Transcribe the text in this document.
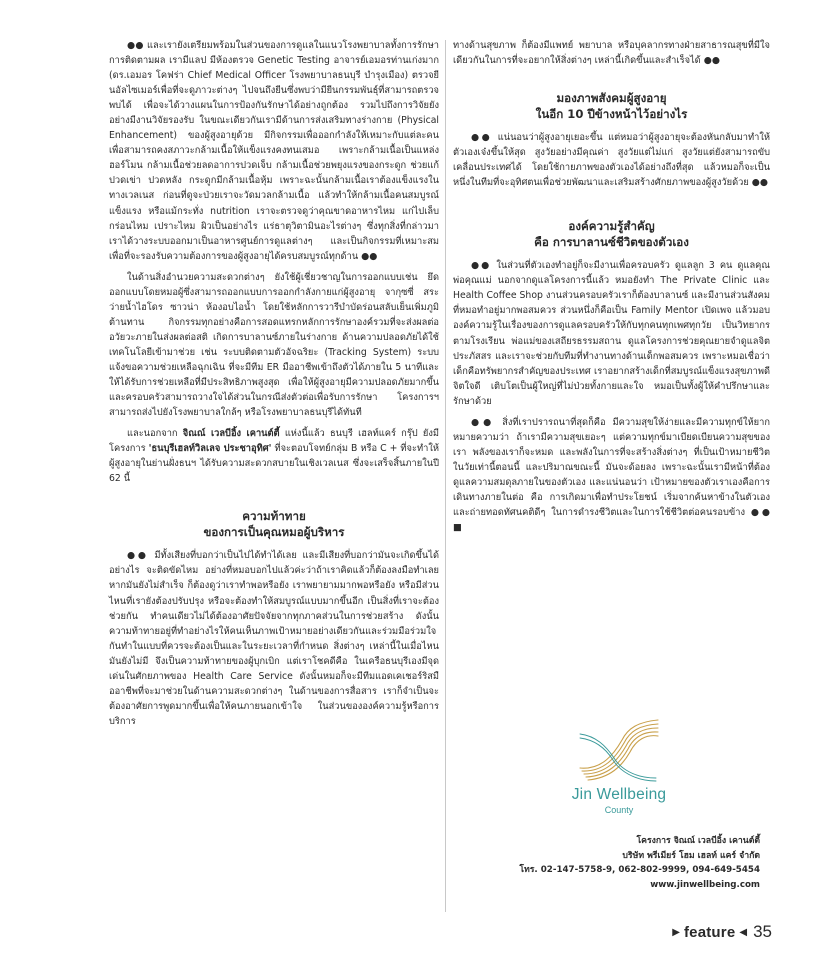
●● และเรายังเตรียมพร้อมในส่วนของการดูแลในแนวโรงพยาบาลทั้งการรักษา การติดตามผล เรามีแลป มีห้องตรวจ Genetic Testing อาจารย์เอมอรท่านเก่งมาก (ดร.เอมอร โคฟร่า Chief Medical Officer โรงพยาบาลธนบุรี บำรุงเมือง) ตรวจยีนอัลไซเมอร์เพื่อที่จะดูภาวะต่างๆ ไปจนถึงยีนซึ่งพบว่ามียีนกรรมพันธุ์ที่สามารถตรวจพบได้ เพื่อจะได้วางแผนในการป้องกันรักษาได้อย่างถูกต้อง รวมไปถึงการวิจัยยังอย่างมีงานวิจัยรองรับ ในขณะเดียวกันเรามีด้านการส่งเสริมทางร่างกาย (Physical Enhancement) ของผู้สูงอายุด้วย มีกิจกรรมเพื่อออกกำลังให้เหมาะกับแต่ละคน เพื่อสามารถคงสภาวะกล้ามเนื้อให้แข็งแรงคงทนเสมอ เพราะกล้ามเนื้อเป็นแหล่งฮอร์โมน กล้ามเนื้อช่วยลดอาการปวดเจ็บ กล้ามเนื้อช่วยพยุงแรงของกระดูก ช่วยแก้ปวดเข่า ปวดหลัง กระดูกมีกล้ามเนื้อหุ้ม เพราะฉะนั้นกล้ามเนื้อเราต้องแข็งแรงในทางเวลเนส ก่อนที่ดูจะป่วยเราจะวัดมวลกล้ามเนื้อ แล้วทำให้กล้ามเนื้อคนสมบูรณ์แข็งแรง หรือแม้กระทั่ง nutrition เราจะตรวจดูว่าคุณขาดอาหารไหม แก่ไปเล็บกร่อนไหม เปราะไหม ผิวเป็นอย่างไร แร่ธาตุวิตามินอะไรต่างๆ ซึ่งทุกสิ่งที่กล่าวมา เราได้วางระบบออกมาเป็นอาหารศูนย์การดูแลต่างๆ และเป็นกิจกรรมที่เหมาะสม เพื่อที่จะรองรับความต้องการของผู้สูงอายุได้ครบสมบูรณ์ทุกด้าน ●●

ในด้านสิ่งอำนวยความสะดวกต่างๆ ยังใช้ผู้เชี่ยวชาญในการออกแบบเช่น ยึดออกแบบโดยหมอผู้ซึ่งสามารถออกแบบการออกกำลังกายแก่ผู้สูงอายุ จากุซซี่ สระว่ายน้ำไฮโดร ซาวน่า ห้องอบไอน้ำ โดยใช้หลักการวารีบำบัดร่อนสลับเย็นเพิ่มภูมิต้านทาน กิจกรรมทุกอย่างคือการสอดแทรกหลักการรักษาองค์รวมที่จะส่งผลต่ออวัยวะภายในส่งผลต่อสติ เกิดการบาลานซ์ภายในร่างกาย ด้านความปลอดภัยได้ใช้เทคโนโลยีเข้ามาช่วย เช่น ระบบติดตามตัวอัจฉริยะ (Tracking System) ระบบแจ้งขอความช่วยเหลือฉุกเฉิน ที่จะมีทีม ER มืออาชีพเข้าถึงตัวได้ภายใน 5 นาทีและให้ได้รับการช่วยเหลือที่มีประสิทธิภาพสูงสุด เพื่อให้ผู้สูงอายุมีความปลอดภัยมากขึ้น และครอบครัวสามารถวางใจได้ส่วนในกรณีส่งตัวต่อเพื่อรับการรักษา โครงการฯ สามารถส่งไปยังโรงพยาบาลใกล้ๆ หรือโรงพยาบาลธนบุรีได้ทันที

และนอกจาก จิณณ์ เวลบีอิ้ง เคานต์ตี้ แห่งนี้แล้ว ธนบุรี เฮลท์แคร์ กรุ๊ป ยังมีโครงการ 'ธนบุรีเฮลท์วิลเลจ ประชาอุทิศ' ที่จะตอบโจทย์กลุ่ม B หรือ C + ที่จะทำให้ผู้สูงอายุในย่านฝั่งธนฯ ได้รับความสะดวกสบายในเชิงเวลเนส ซึ่งจะเสร็จสิ้นภายในปี 62 นี้

ความท้าทาย
ของการเป็นคุณหมอผู้บริหาร

●● มีทั้งเสียงที่บอกว่าเป็นไปได้ทำได้เลย และมีเสียงที่บอกว่ามันจะเกิดขึ้นได้อย่างไร จะติดขัดไหม อย่างที่หมอบอกไปแล้วค่ะว่าถ้าเราคิดแล้วก็ต้องลงมือทำเลย หากมันยังไม่สำเร็จ ก็ต้องดูว่าเราทำพอหรือยัง เราพยายามมากพอหรือยัง หรือมีส่วนไหนที่เรายังต้องปรับปรุง หรือจะต้องทำให้สมบูรณ์แบบมากขึ้นอีก เป็นสิ่งที่เราจะต้องช่วยกัน ทำคนเดียวไม่ได้ต้องอาศัยปัจจัยจากทุกภาคส่วนในการช่วยสร้าง ดังนั้นความท้าทายอยู่ที่ทำอย่างไรให้คนเห็นภาพเป้าหมายอย่างเดียวกันและร่วมมือร่วมใจกันทำในแบบที่ควรจะต้องเป็นและในระยะเวลาที่กำหนด สิ่งต่างๆ เหล่านี้ในเมื่อไหนมันยังไม่มี จึงเป็นความท้าทายของผู้บุกเบิก แต่เราโชคดีคือ ในเครือธนบุรีเองมีจุดเด่นในศักยภาพของ Health Care Service ดังนั้นหมอก็จะมีทีมแอดเคเชอร์ริสมืออาชีพที่จะมาช่วยในด้านความสะดวกต่างๆ ในด้านของการสื่อสาร เราก็จำเป็นจะต้องอาศัยการพูดมากขึ้นเพื่อให้คนภายนอกเข้าใจ ในส่วนขององค์ความรู้หรือการบริการ

ทางด้านสุขภาพ ก็ต้องมีแพทย์ พยาบาล หรือบุคลากรทางฝ่ายสาธารณสุขที่มีใจเดียวกันในการที่จะอยากให้สิ่งต่างๆ เหล่านี้เกิดขึ้นและสำเร็จได้ ●●

มองภาพสังคมผู้สูงอายุ
ในอีก 10 ปีข้างหน้าไว้อย่างไร

●● แน่นอนว่าผู้สูงอายุเยอะขึ้น แต่หมอว่าผู้สูงอายุจะต้องหันกลับมาทำให้ตัวเองเจ๋งขึ้นให้สุด สูงวัยอย่างมีคุณค่า สูงวัยแต่ไม่แก่ สูงวัยแต่ยังสามารถขับเคลื่อนประเทศได้ โดยใช้กายภาพของตัวเองได้อย่างถึงที่สุด แล้วหมอก็จะเป็นหนึ่งในทีมที่จะอุทิศตนเพื่อช่วยพัฒนาและเสริมสร้างศักยภาพของผู้สูงวัยด้วย ●●

องค์ความรู้สำคัญ
คือ การบาลานซ์ชีวิตของตัวเอง

●● ในส่วนที่ตัวเองทำอยู่ก็จะมีงานเพื่อครอบครัว ดูแลลูก 3 คน ดูแลคุณพ่อคุณแม่ นอกจากดูแลโครงการนี้แล้ว หมอยังทำ The Private Clinic และ Health Coffee Shop งานส่วนครอบครัวเราก็ต้องบาลานซ์ และมีงานส่วนสังคมที่หมอทำอยู่มากพอสมควร ส่วนหนึ่งก็คือเป็น Family Mentor เปิดเพจ แล้วมอบองค์ความรู้ในเรื่องของการดูแลครอบครัวให้กับทุกคนทุกเพศทุกวัย เป็นวิทยากรตามโรงเรียน พ่อแม่ของเสถียรธรรมสถาน ดูแลโครงการช่วยคุณยายจำดูแลจิตประภัสสร และเราจะช่วยกับทีมที่ทำงานทางด้านเด็กพอสมควร เพราะหมอเชื่อว่าเด็กคือทรัพยากรสำคัญของประเทศ เราอยากสร้างเด็กที่สมบูรณ์แข็งแรงสุขภาพดีจิตใจดี เติบโตเป็นผู้ใหญ่ที่ไม่ป่วยทั้งกายและใจ หมอเป็นทั้งผู้ให้คำปรึกษาและรักษาด้วย

●● สิ่งที่เราปรารถนาที่สุดก็คือ มีความสุขให้ง่ายและมีความทุกข์ให้ยาก หมายความว่า ถ้าเรามีความสุขเยอะๆ แต่ความทุกข์มาเบียดเบียนความสุขของเรา พลังของเราก็จะหมด และพลังในการที่จะสร้างสิ่งต่างๆ ที่เป็นเป้าหมายชีวิตในวัยเท่านี้ตอนนี้ และปริมาณขณะนี้ มันจะด้อยลง เพราะฉะนั้นเรามีหน้าที่ต้องดูแลความสมดุลภายในของตัวเอง และแน่นอนว่า เป้าหมายของตัวเราเองคือการเดินทางภายในต่อ คือ การเกิดมาเพื่อทำประโยชน์ เริ่มจากค้นหาข้างในตัวเองและถ่ายทอดทัศนคติดีๆ ในการดำรงชีวิตและในการใช้ชีวิตต่อคนรอบข้าง ●● ■

Jin Wellbeing
County
โครงการ จิณณ์ เวลบีอิ้ง เคานต์ตี้
บริษัท พรีเมียร์ โฮม เฮลท์ แคร์ จำกัด
โทร. 02-147-5758-9, 062-802-9999, 094-649-5454
www.jinwellbeing.com
▶ feature ◀ 35
